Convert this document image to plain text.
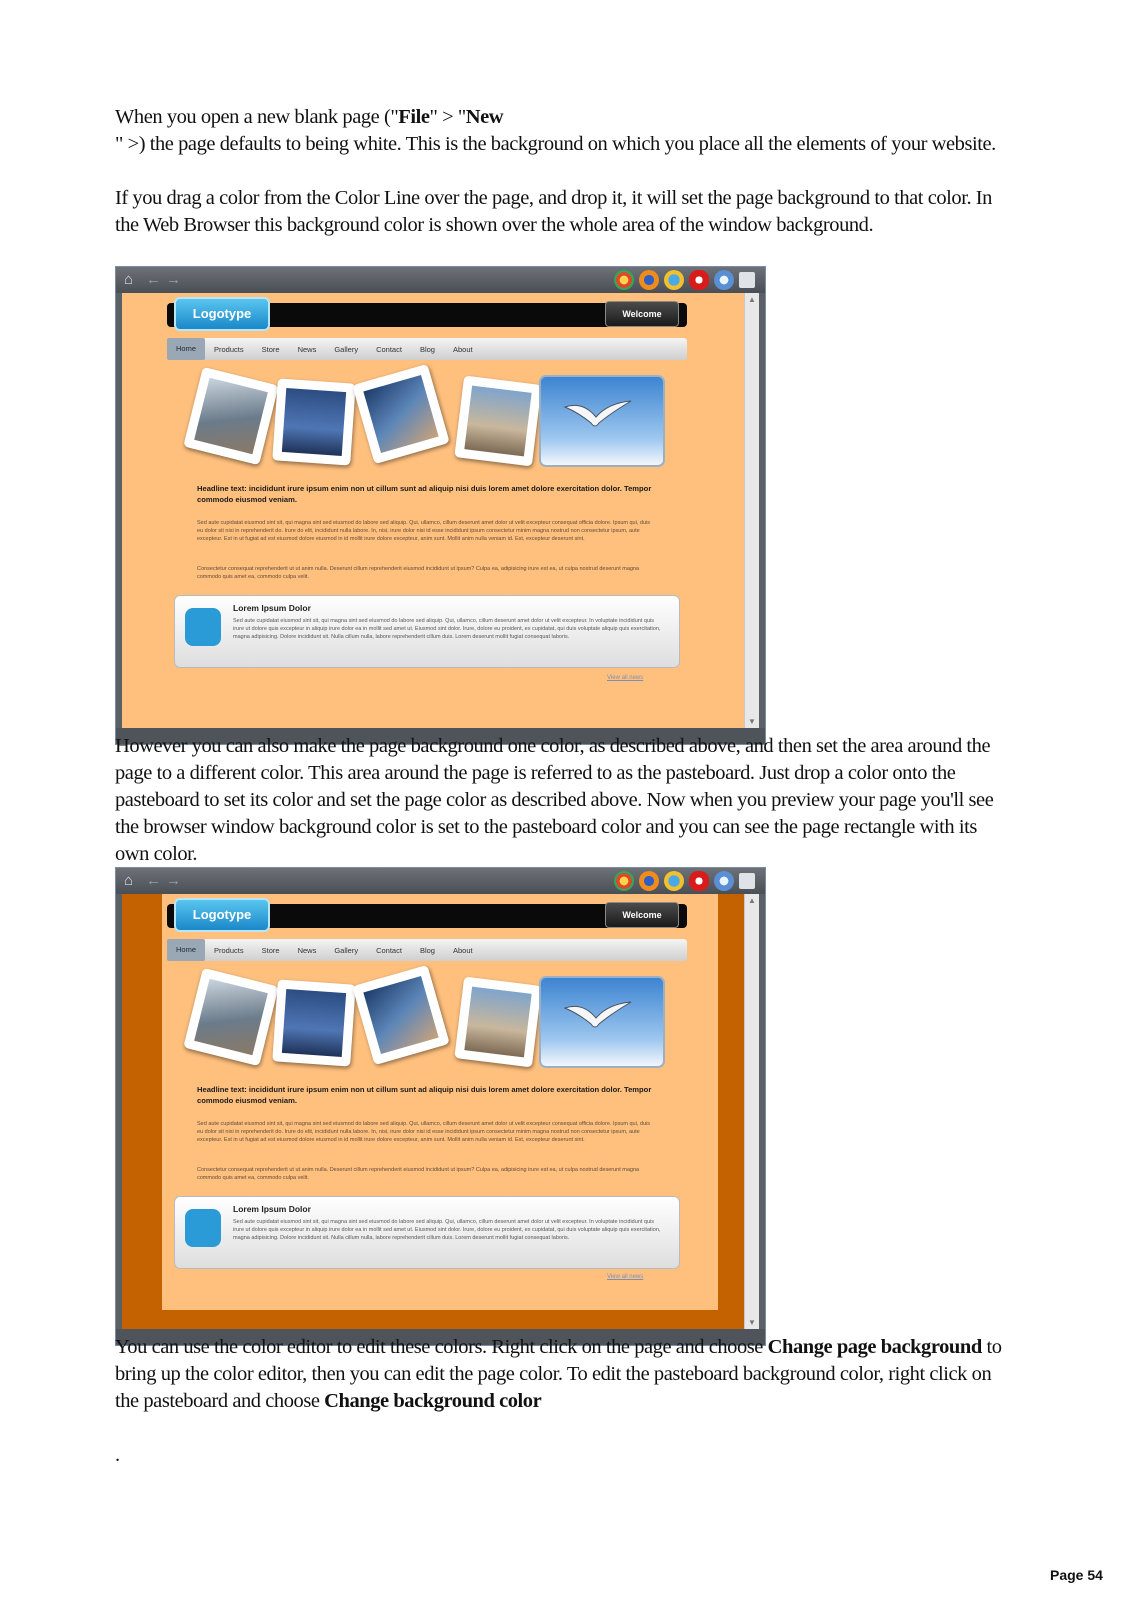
When you open a new blank page ("File" > "New
" >) the page defaults to being white. This is the background on which you place all the elements of your website.
If you drag a color from the Color Line over the page, and drop it, it will set the page background to that color. In the Web Browser this background color is shown over the whole area of the window background.
⌂ ← →
Logotype	Welcome
Home	Products	Store	News	Gallery	Contact	Blog	About
Headline text: incididunt irure ipsum enim non ut cillum sunt ad aliquip nisi duis lorem amet dolore exercitation dolor. Tempor commodo eiusmod veniam.
Sed aute cupidatat eiusmod sint sit, qui magna sint sed eiusmod do labore sed aliquip. Qui, ullamco, cillum deserunt amet dolor ut velit excepteur consequat officia dolore. Ipsum qui, duis eu dolor sit nisi in reprehenderit do. Irure do elit, incididunt nulla labore. In, nisi, irure dolor nisi id esse incididunt ipsum consectetur minim magna nostrud non consectetur ipsum, aute excepteur. Est in ut fugiat ad est eiusmod dolore eiusmod in id mollit irure dolore excepteur, anim sunt. Mollit anim nulla veniam id. Est, excepteur deserunt sint.
Consectetur consequat reprehenderit ut ut anim nulla. Deserunt cillum reprehenderit eiusmod incididunt ut ipsum? Culpa ea, adipisicing irure est ea, ut culpa nostrud deserunt magna commodo quis amet ea, commodo culpa velit.
Lorem Ipsum Dolor
Sed aute cupidatat eiusmod sint sit, qui magna sint sed eiusmod do labore sed aliquip. Qui, ullamco, cillum deserunt amet dolor ut velit excepteur. In voluptate incididunt quis irure ut dolore quis excepteur in aliquip irure dolor ea in mollit sed amet ut. Eiusmod sint dolor. Irure, dolore eu proident, ex cupidatat, qui duis voluptate aliquip quis exercitation, magna adipisicing. Dolore incididunt sit. Nulla cillum nulla, labore reprehenderit cillum duis. Lorem deserunt mollit fugiat consequat laboris.
View all news
▲
▼
However you can also make the page background one color, as described above, and then set the area around the page to a different color. This area around the page is referred to as the pasteboard. Just drop a color onto the pasteboard to set its color and set the page color as described above. Now when you preview your page you'll see the browser window background color is set to the pasteboard color and you can see the page rectangle with its own color.
⌂ ← →
Logotype	Welcome
Home	Products	Store	News	Gallery	Contact	Blog	About
Headline text: incididunt irure ipsum enim non ut cillum sunt ad aliquip nisi duis lorem amet dolore exercitation dolor. Tempor commodo eiusmod veniam.
Sed aute cupidatat eiusmod sint sit, qui magna sint sed eiusmod do labore sed aliquip. Qui, ullamco, cillum deserunt amet dolor ut velit excepteur consequat officia dolore. Ipsum qui, duis eu dolor sit nisi in reprehenderit do. Irure do elit, incididunt nulla labore. In, nisi, irure dolor nisi id esse incididunt ipsum consectetur minim magna nostrud non consectetur ipsum, aute excepteur. Est in ut fugiat ad est eiusmod dolore eiusmod in id mollit irure dolore excepteur, anim sunt. Mollit anim nulla veniam id. Est, excepteur deserunt sint.
Consectetur consequat reprehenderit ut ut anim nulla. Deserunt cillum reprehenderit eiusmod incididunt ut ipsum? Culpa ea, adipisicing irure est ea, ut culpa nostrud deserunt magna commodo quis amet ea, commodo culpa velit.
Lorem Ipsum Dolor
Sed aute cupidatat eiusmod sint sit, qui magna sint sed eiusmod do labore sed aliquip. Qui, ullamco, cillum deserunt amet dolor ut velit excepteur. In voluptate incididunt quis irure ut dolore quis excepteur in aliquip irure dolor ea in mollit sed amet ut. Eiusmod sint dolor. Irure, dolore eu proident, ex cupidatat, qui duis voluptate aliquip quis exercitation, magna adipisicing. Dolore incididunt sit. Nulla cillum nulla, labore reprehenderit cillum duis. Lorem deserunt mollit fugiat consequat laboris.
View all news
▲
▼
You can use the color editor to edit these colors. Right click on the page and choose Change page background to bring up the color editor, then you can edit the page color. To edit the pasteboard background color, right click on the pasteboard and choose Change background color

.
Page 54
